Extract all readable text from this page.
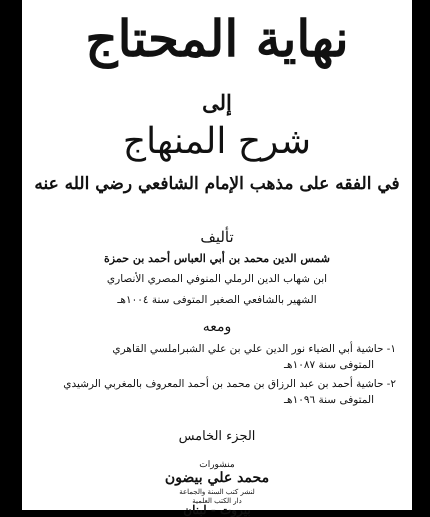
نهاية المحتاج
إلى
شرح المنهاج
في الفقه على مذهب الإمام الشافعي رضي الله عنه
تأليف
شمس الدين محمد بن أبي العباس أحمد بن حمزة
ابن شهاب الدين الرملي المنوفي المصري الأنصاري
الشهير بالشافعي الصغير المتوفى سنة ١٠٠٤هـ
ومعه
١- حاشية أبي الضياء نور الدين علي بن علي الشبراملسي القاهري
المتوفى سنة ١٠٨٧هـ
٢- حاشية أحمد بن عبد الرزاق بن محمد بن أحمد المعروف بالمغربي الرشيدي
المتوفى سنة ١٠٩٦هـ
الجزء الخامس
منشورات
محمد علي بيضون
لنشر كتب السنة والجماعة
دار الكتب العلمية
بيروت - لبنان
